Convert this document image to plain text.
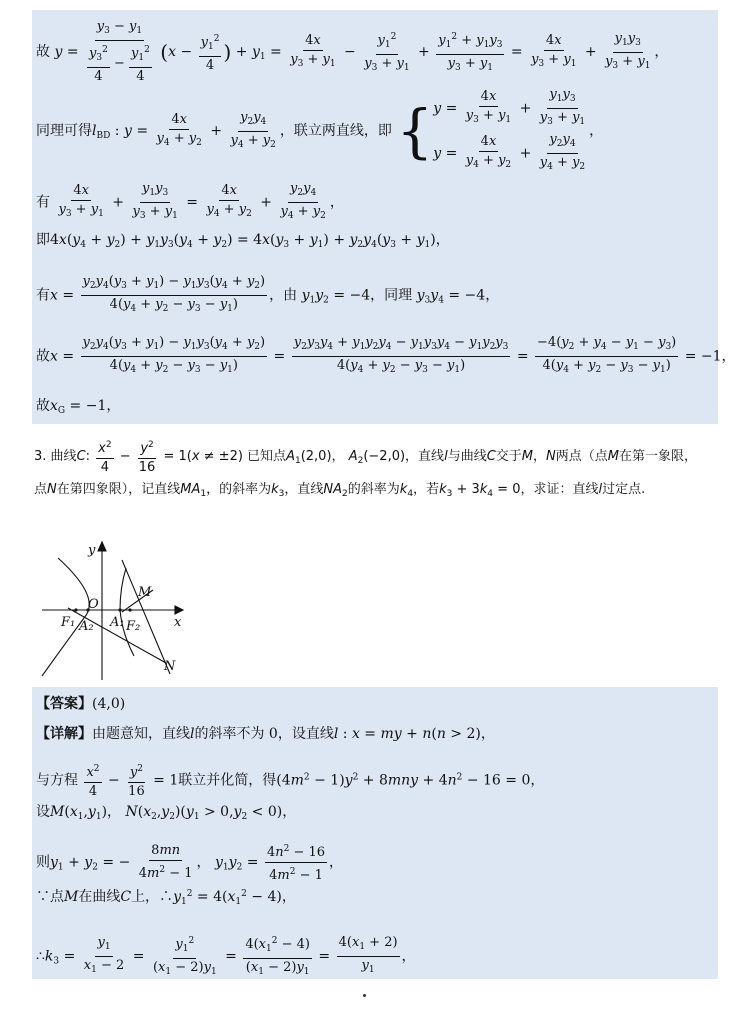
故 $y = \frac{y_3 - y_1}{\frac{y_3^2}{4} - \frac{y_1^2}{4}} (x - \frac{y_1^2}{4}$ ) + $y_1 = \frac{4x}{y_3 + y_1} - \frac{y_1^2}{y_3 + y_1} + \frac{y_1^2 + y_1y_3}{y_3 + y_1} = \frac{4x}{y_3 + y_1} + \frac{y_1y_3}{y_3 + y_1}$ ，
同理可得$l_{BD}$ : $y = \frac{4x}{y_4 + y_2} + \frac{y_2y_4}{y_4 + y_2}$ ，联立两直线，即 { $y = \frac{4x}{y_3 + y_1} + \frac{y_1y_3}{y_3 + y_1}$
$y = \frac{4x}{y_4 + y_2} + \frac{y_2y_4}{y_4 + y_2}$ ，
有 $\frac{4x}{y_3 + y_1} + \frac{y_1y_3}{y_3 + y_1} = \frac{4x}{y_4 + y_2} + \frac{y_2y_4}{y_4 + y_2}$ ，
即$4x(y_4 + y_2) + y_1y_3(y_4 + y_2) = 4x(y_3 + y_1) + y_2y_4(y_3 + y_1)$，
有$x = \frac{y_2y_4(y_3 + y_1) - y_1y_3(y_4 + y_2)}{4(y_4 + y_2 - y_3 - y_1)}$ ，由 $y_1y_2 = -4$，同理 $y_3y_4 = -4$，
故$x = \frac{y_2y_4(y_3 + y_1) - y_1y_3(y_4 + y_2)}{4(y_4 + y_2 - y_3 - y_1)} = \frac{y_2y_3y_4 + y_1y_2y_4 - y_1y_3y_4 - y_1y_2y_3}{4(y_4 + y_2 - y_3 - y_1)} = \frac{-4(y_2 + y_4 - y_1 - y_3)}{4(y_4 + y_2 - y_3 - y_1)} = -1$，
故$x_G = -1$，
3. 曲线C: $\frac{x^2}{4} - \frac{y^2}{16} = 1(x \ne \pm 2)$ 已知点$A_1(2,0)$， $A_2(-2,0)$，直线l与曲线C交于M，N两点（点M在第一象限，
点N在第四象限），记直线$MA_1$，的斜率为$k_3$，直线$NA_2$的斜率为$k_4$，若$k_3 + 3k_4 = 0$，求证：直线l过定点.
y
O
x
M
N
F₁ A₂ A₁ F₂
【答案】(4,0)
【详解】由题意知，直线l的斜率不为 0，设直线l : x = my + n(n > 2)，
与方程 $\frac{x^2}{4} - \frac{y^2}{16} = 1$联立并化简，得$(4m^2 - 1)y^2 + 8mny + 4n^2 - 16 = 0$，
设$M(x_1,y_1)$， $N(x_2,y_2)(y_1 > 0,y_2 < 0)$，
则$y_1 + y_2$ = − $\frac{8mn}{4m^2 - 1}$ ， $y_1y_2 = \frac{4n^2 - 16}{4m^2 - 1}$ ，
∵点M在曲线C上，$\therefore y_1^2 = 4(x_1^2 - 4)$，
$\therefore k_3 = \frac{y_1}{x_1 - 2} = \frac{y_1^2}{(x_1 - 2)y_1} = \frac{4(x_1^2 - 4)}{(x_1 - 2)y_1} = \frac{4(x_1 + 2)}{y_1}$ ，
